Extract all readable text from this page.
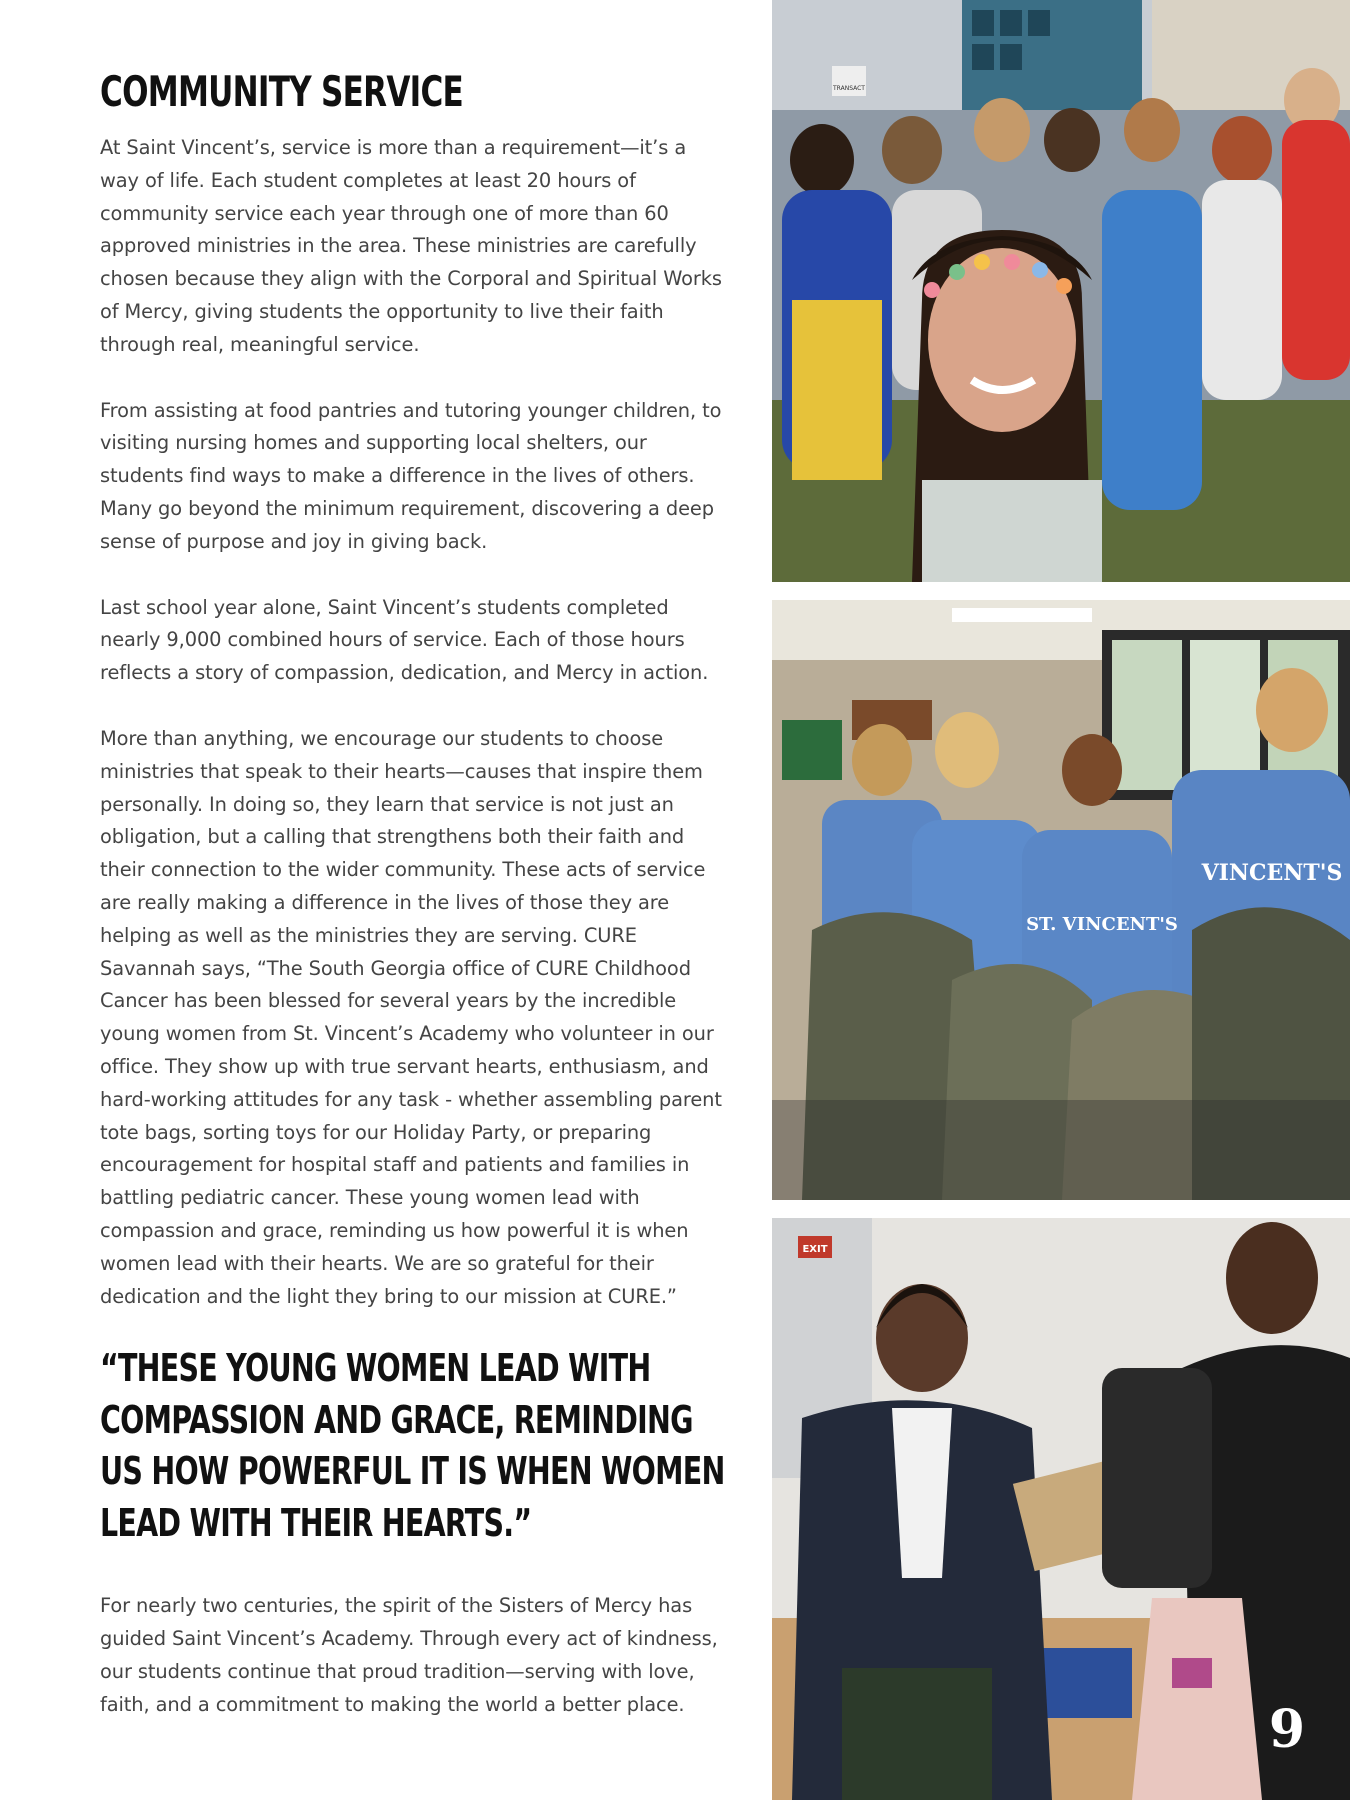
COMMUNITY SERVICE

At Saint Vincent’s, service is more than a requirement—it’s a way of life. Each student completes at least 20 hours of community service each year through one of more than 60 approved ministries in the area. These ministries are carefully chosen because they align with the Corporal and Spiritual Works of Mercy, giving students the opportunity to live their faith through real, meaningful service.

From assisting at food pantries and tutoring younger children, to visiting nursing homes and supporting local shelters, our students find ways to make a difference in the lives of others. Many go beyond the minimum requirement, discovering a deep sense of purpose and joy in giving back.

Last school year alone, Saint Vincent’s students completed nearly 9,000 combined hours of service. Each of those hours reflects a story of compassion, dedication, and Mercy in action.

More than anything, we encourage our students to choose ministries that speak to their hearts—causes that inspire them personally. In doing so, they learn that service is not just an obligation, but a calling that strengthens both their faith and their connection to the wider community. These acts of service are really making a difference in the lives of those they are helping as well as the ministries they are serving. CURE Savannah says, “The South Georgia office of CURE Childhood Cancer has been blessed for several years by the incredible young women from St. Vincent’s Academy who volunteer in our office. They show up with true servant hearts, enthusiasm, and hard-working attitudes for any task - whether assembling parent tote bags, sorting toys for our Holiday Party, or preparing encouragement for hospital staff and patients and families in battling pediatric cancer. These young women lead with compassion and grace, reminding us how powerful it is when women lead with their hearts. We are so grateful for their dedication and the light they bring to our mission at CURE.”

“THESE YOUNG WOMEN LEAD WITH COMPASSION AND GRACE, REMINDING US HOW POWERFUL IT IS WHEN WOMEN LEAD WITH THEIR HEARTS.”

For nearly two centuries, the spirit of the Sisters of Mercy has guided Saint Vincent’s Academy. Through every act of kindness, our students continue that proud tradition—serving with love, faith, and a commitment to making the world a better place.

TRANSACT
ST. VINCENT'S
VINCENT'S
EXIT
9
